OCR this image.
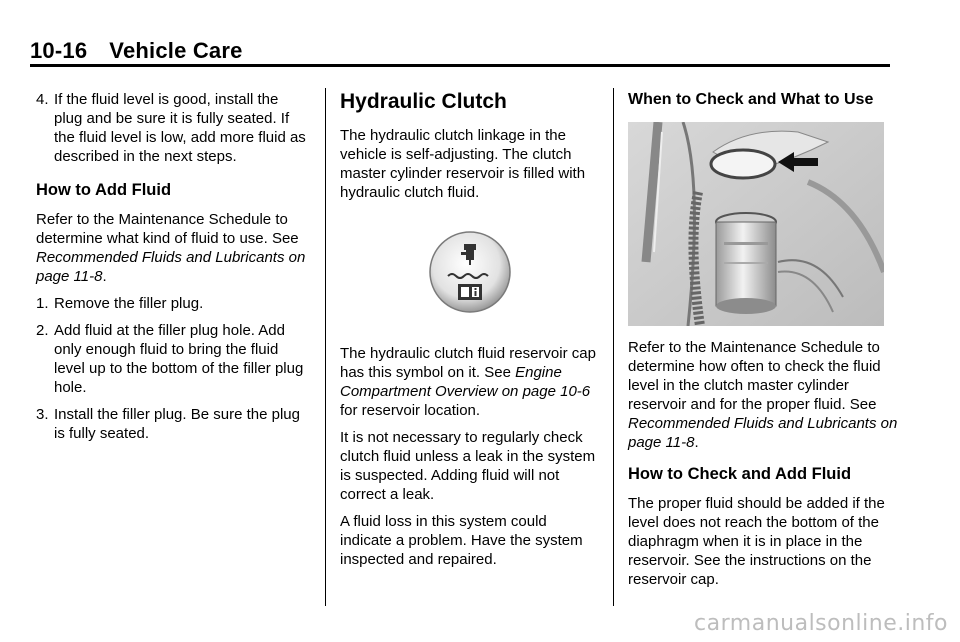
10-16 Vehicle Care
4. If the fluid level is good, install the plug and be sure it is fully seated. If the fluid level is low, add more fluid as described in the next steps.
How to Add Fluid

Refer to the Maintenance Schedule to determine what kind of fluid to use. See Recommended Fluids and Lubricants on page 11-8.

1. Remove the filler plug.
2. Add fluid at the filler plug hole. Add only enough fluid to bring the fluid level up to the bottom of the filler plug hole.
3. Install the filler plug. Be sure the plug is fully seated.
Hydraulic Clutch

The hydraulic clutch linkage in the vehicle is self-adjusting. The clutch master cylinder reservoir is filled with hydraulic clutch fluid.

The hydraulic clutch fluid reservoir cap has this symbol on it. See Engine Compartment Overview on page 10-6 for reservoir location.

It is not necessary to regularly check clutch fluid unless a leak in the system is suspected. Adding fluid will not correct a leak.

A fluid loss in this system could indicate a problem. Have the system inspected and repaired.

When to Check and What to Use

Refer to the Maintenance Schedule to determine how often to check the fluid level in the clutch master cylinder reservoir and for the proper fluid. See Recommended Fluids and Lubricants on page 11-8.

How to Check and Add Fluid

The proper fluid should be added if the level does not reach the bottom of the diaphragm when it is in place in the reservoir. See the instructions on the reservoir cap.

carmanualsonline.info
